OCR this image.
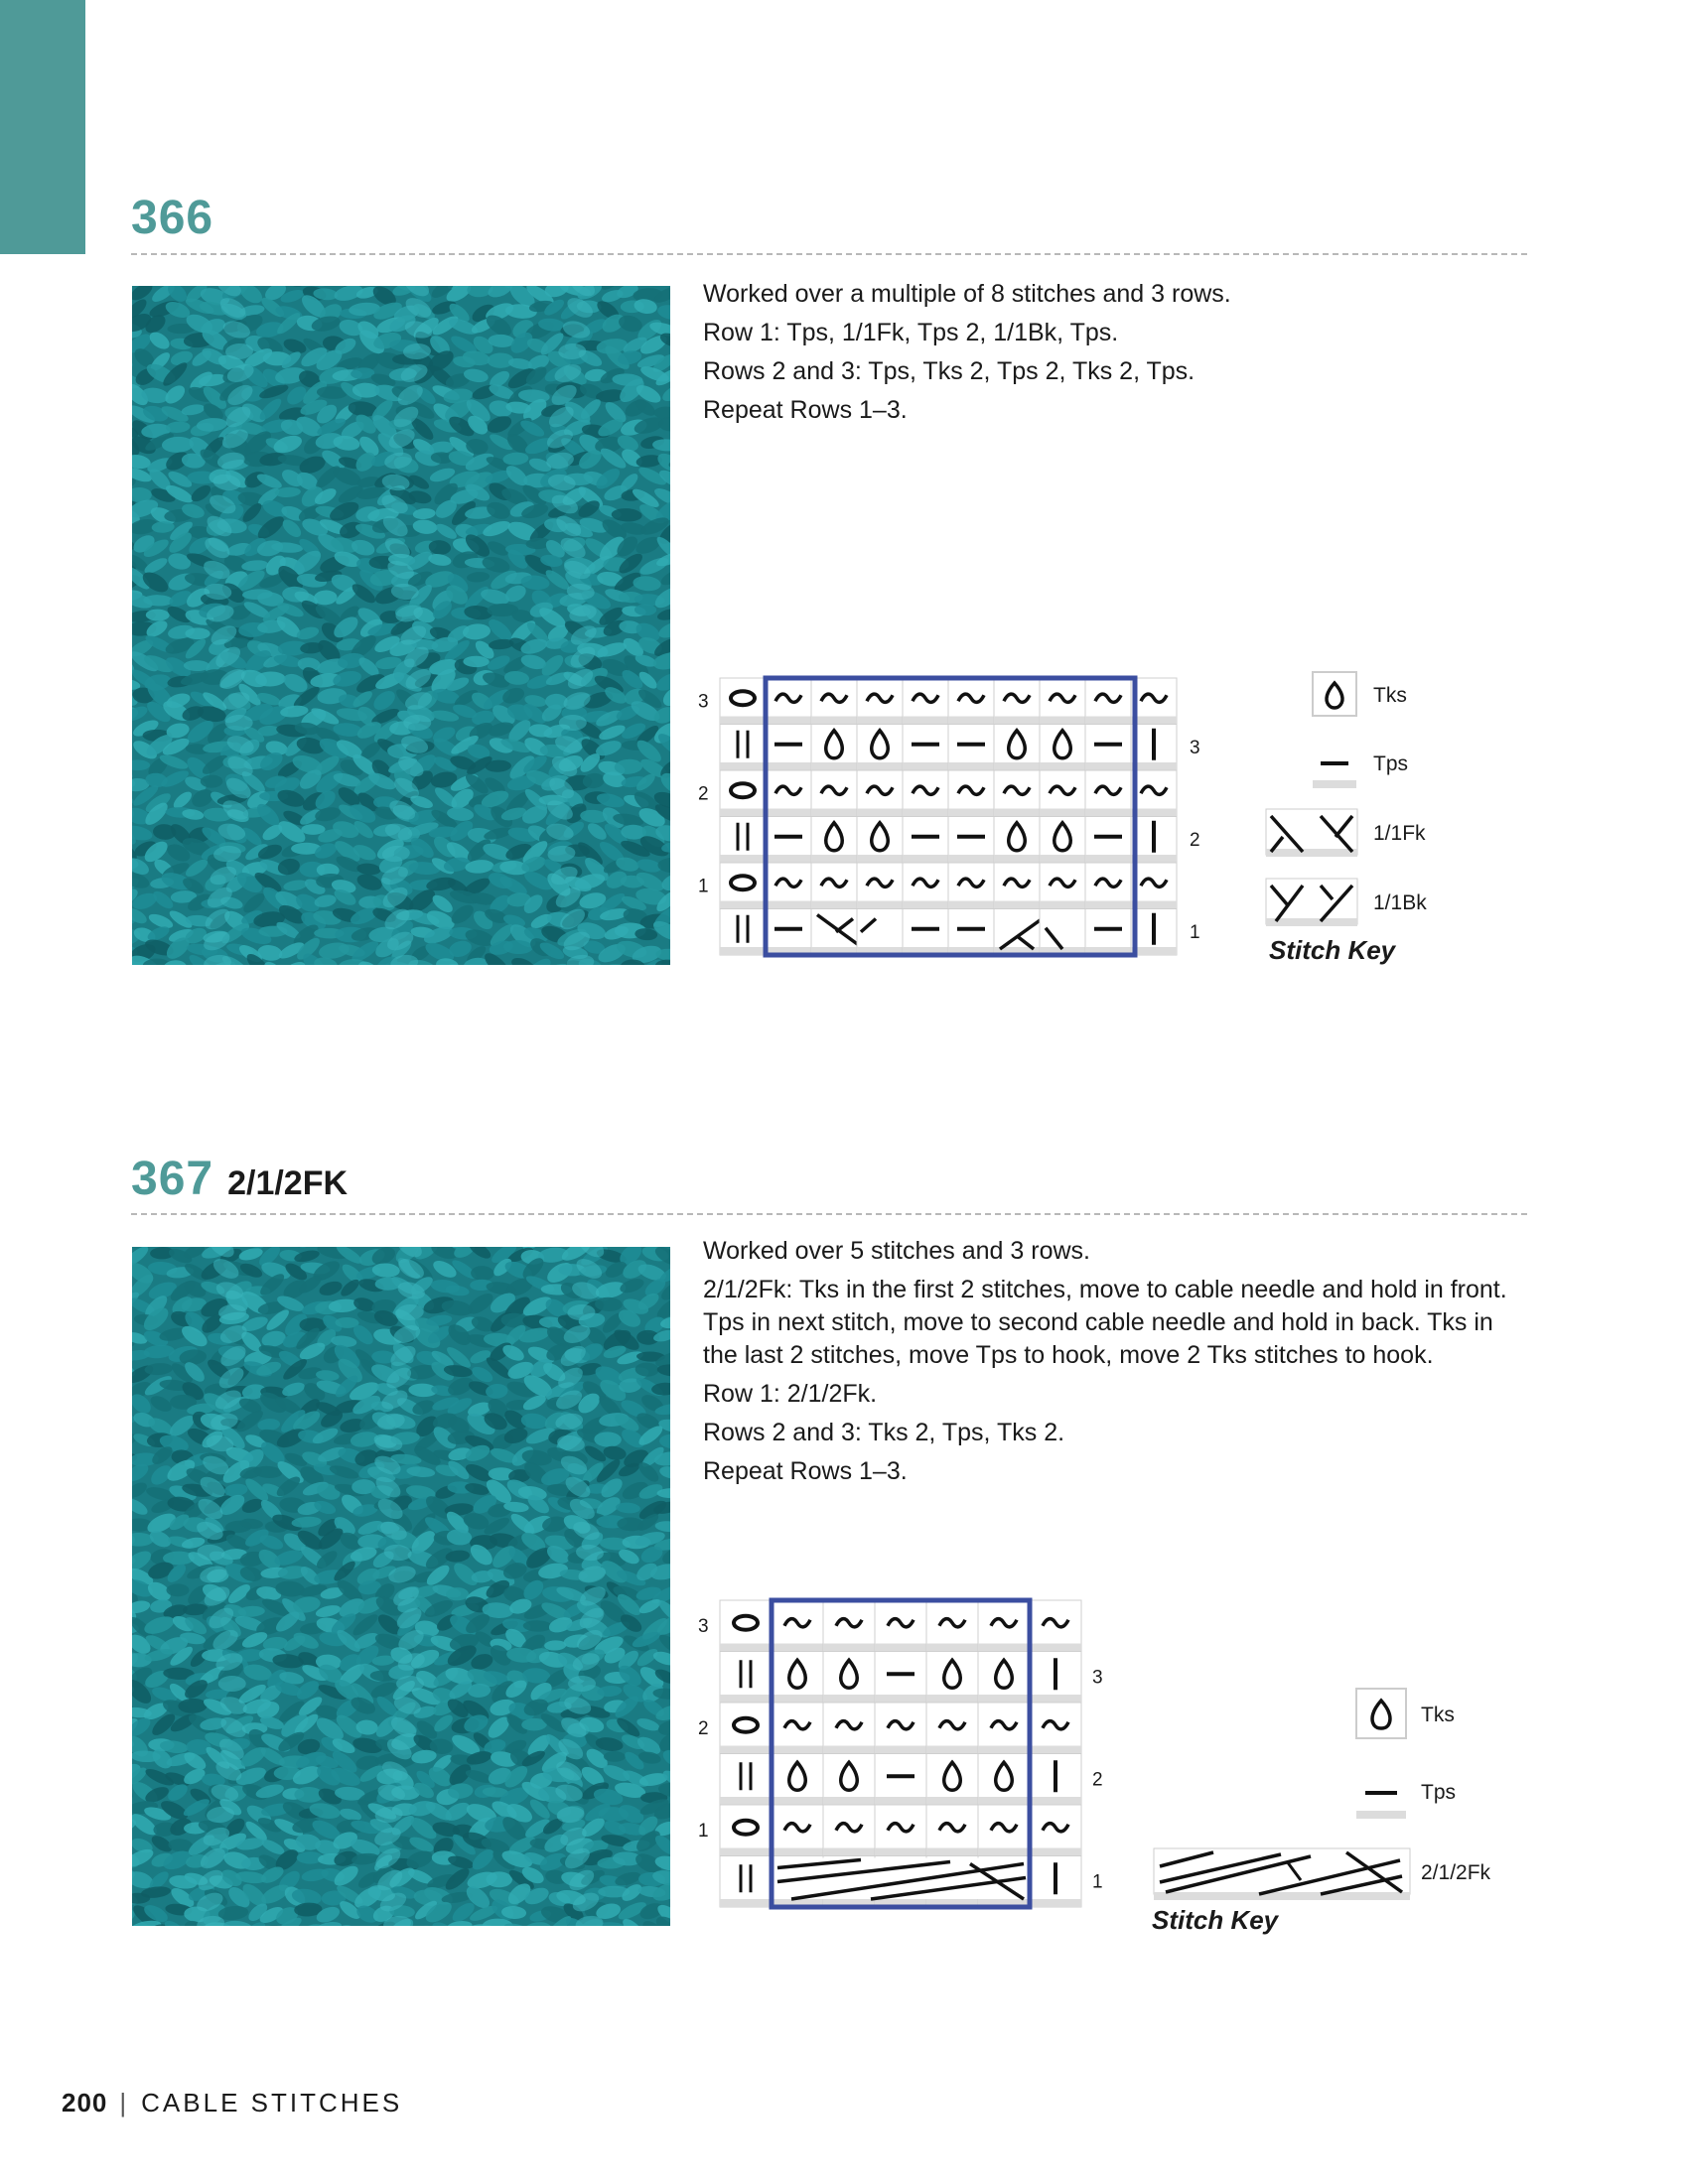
366

Worked over a multiple of 8 stitches and 3 rows.

Row 1: Tps, 1/1Fk, Tps 2, 1/1Bk, Tps.

Rows 2 and 3: Tps, Tks 2, Tps 2, Tks 2, Tps.

Repeat Rows 1–3.

3
2
1
3
2
1
Tks
Tps
1/1Fk
1/1Bk
Stitch Key
367 2/1/2FK

Worked over 5 stitches and 3 rows.

2/1/2Fk: Tks in the first 2 stitches, move to cable needle and hold in front. Tps in next stitch, move to second cable needle and hold in back. Tks in the last 2 stitches, move Tps to hook, move 2 Tks stitches to hook.

Row 1: 2/1/2Fk.

Rows 2 and 3: Tks 2, Tps, Tks 2.

Repeat Rows 1–3.

3
2
1
3
2
1
Tks
Tps
2/1/2Fk
Stitch Key
200 | CABLE STITCHES
